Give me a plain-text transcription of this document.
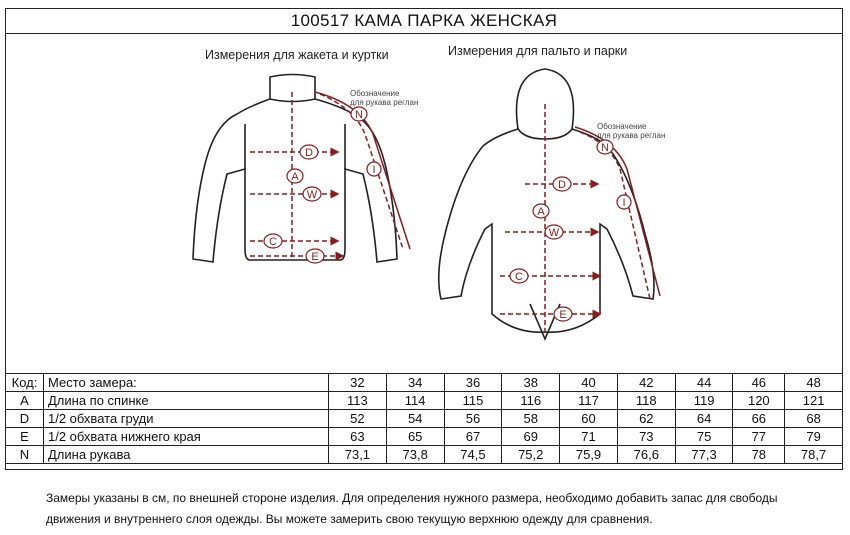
100517 КАМА ПАРКА ЖЕНСКАЯ
Измерения для жакета и куртки	Измерения для пальто и парки
D
A
W
C
E
N
I
Обозначение
для рукава реглан
D
A
W
C
E
N
I
Обозначение
для рукава реглан
Код:	Место замера:	32	34	36	38	40	42	44	46	48
A	Длина по спинке	113	114	115	116	117	118	119	120	121
D	1/2 обхвата груди	52	54	56	58	60	62	64	66	68
E	1/2 обхвата нижнего края	63	65	67	69	71	73	75	77	79
N	Длина рукава	73,1	73,8	74,5	75,2	75,9	76,6	77,3	78	78,7
Замеры указаны в см, по внешней стороне изделия. Для определения нужного размера, необходимо добавить запас для свободы движения и внутреннего слоя одежды. Вы можете замерить свою текущую верхнюю одежду для сравнения.
